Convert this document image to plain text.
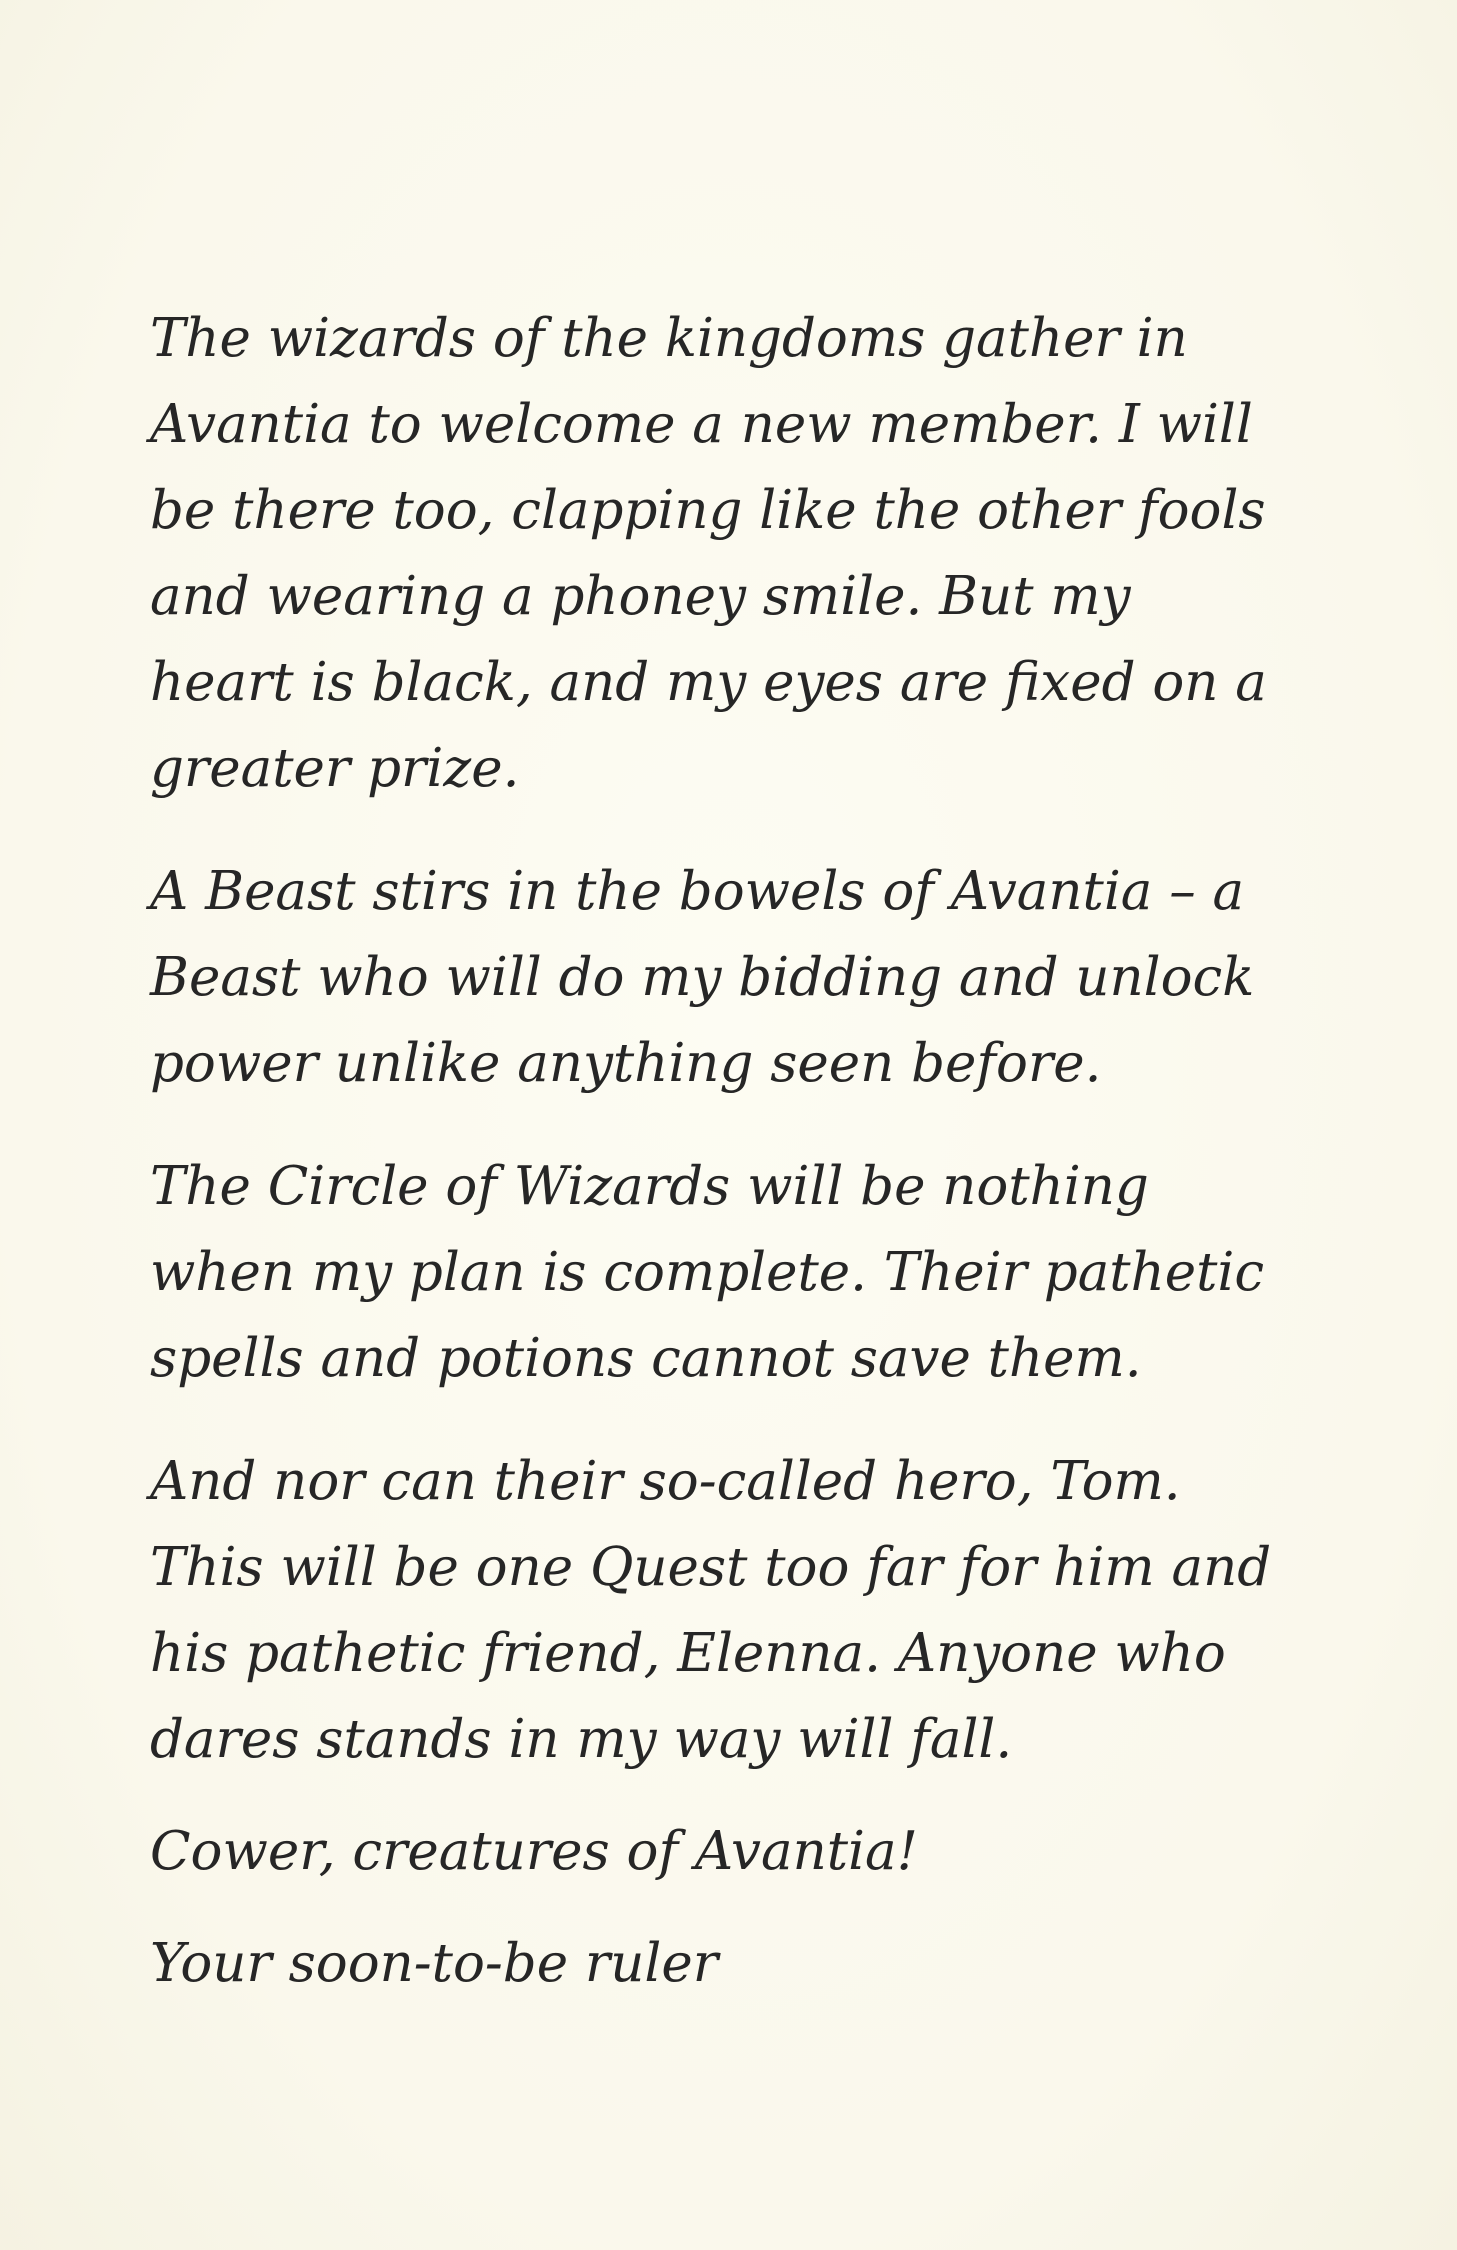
The wizards of the kingdoms gather in
Avantia to welcome a new member. I will
be there too, clapping like the other fools
and wearing a phoney smile. But my
heart is black, and my eyes are fixed on a
greater prize.
A Beast stirs in the bowels of Avantia – a
Beast who will do my bidding and unlock
power unlike anything seen before.
The Circle of Wizards will be nothing
when my plan is complete. Their pathetic
spells and potions cannot save them.
And nor can their so-called hero, Tom.
This will be one Quest too far for him and
his pathetic friend, Elenna. Anyone who
dares stands in my way will fall.
Cower, creatures of Avantia!
Your soon-to-be ruler
